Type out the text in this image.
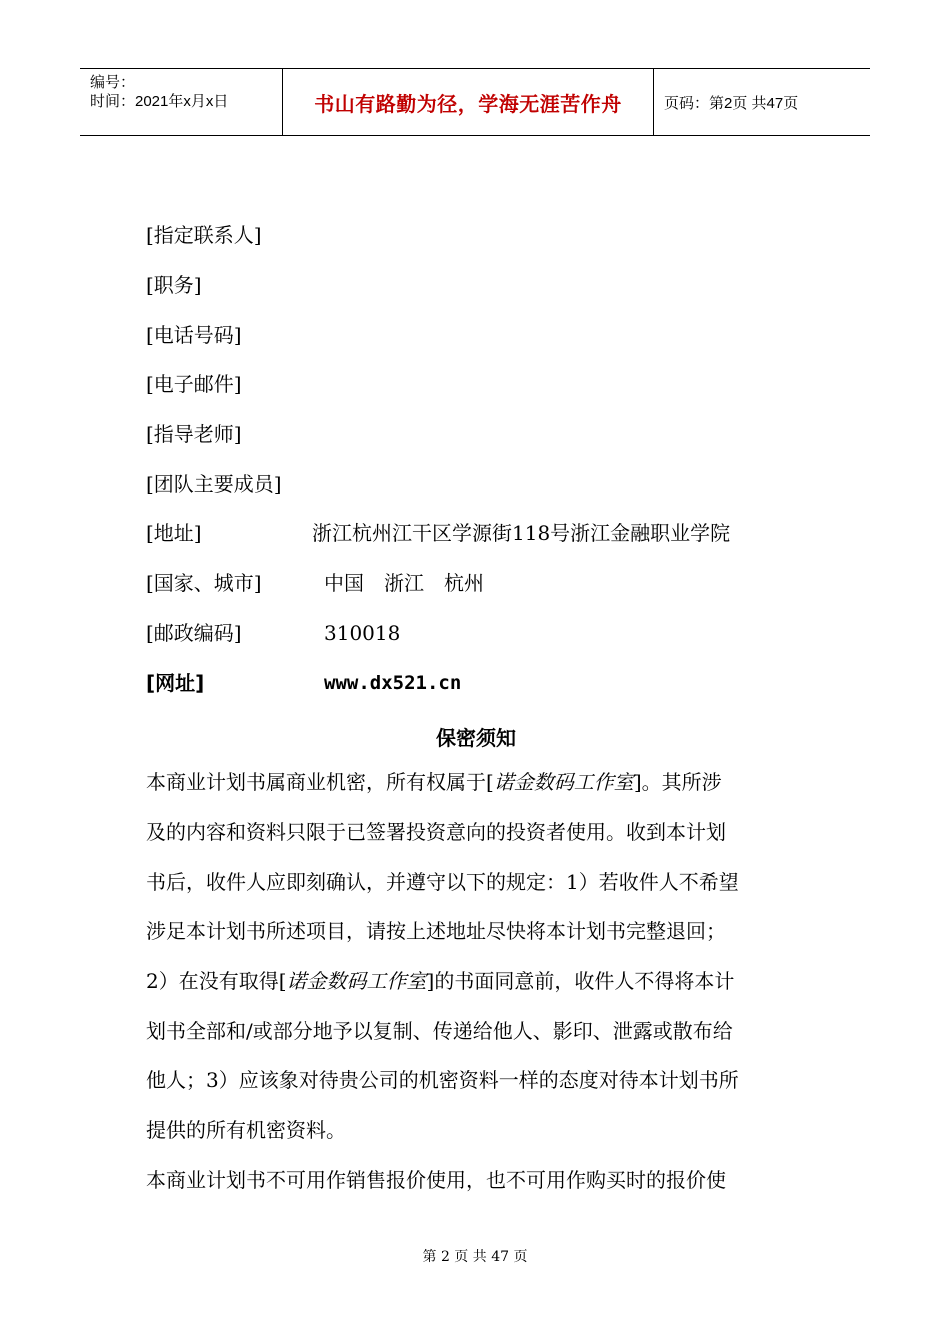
编号：
时间：2021年x月x日	书山有路勤为径，学海无涯苦作舟	页码：第2页 共47页
[指定联系人]
[职务]
[电话号码]
[电子邮件]
[指导老师]
[团队主要成员]
[地址]	浙江杭州江干区学源街118号浙江金融职业学院
[国家、城市]	中国　浙江　杭州
[邮政编码]	310018
[网址]	www.dx521.cn
保密须知
本商业计划书属商业机密，所有权属于[诺金数码工作室]。其所涉
及的内容和资料只限于已签署投资意向的投资者使用。收到本计划
书后，收件人应即刻确认，并遵守以下的规定：1）若收件人不希望
涉足本计划书所述项目，请按上述地址尽快将本计划书完整退回；
2）在没有取得[诺金数码工作室]的书面同意前，收件人不得将本计
划书全部和/或部分地予以复制、传递给他人、影印、泄露或散布给
他人；3）应该象对待贵公司的机密资料一样的态度对待本计划书所
提供的所有机密资料。
本商业计划书不可用作销售报价使用，也不可用作购买时的报价使
第 2 页 共 47 页
